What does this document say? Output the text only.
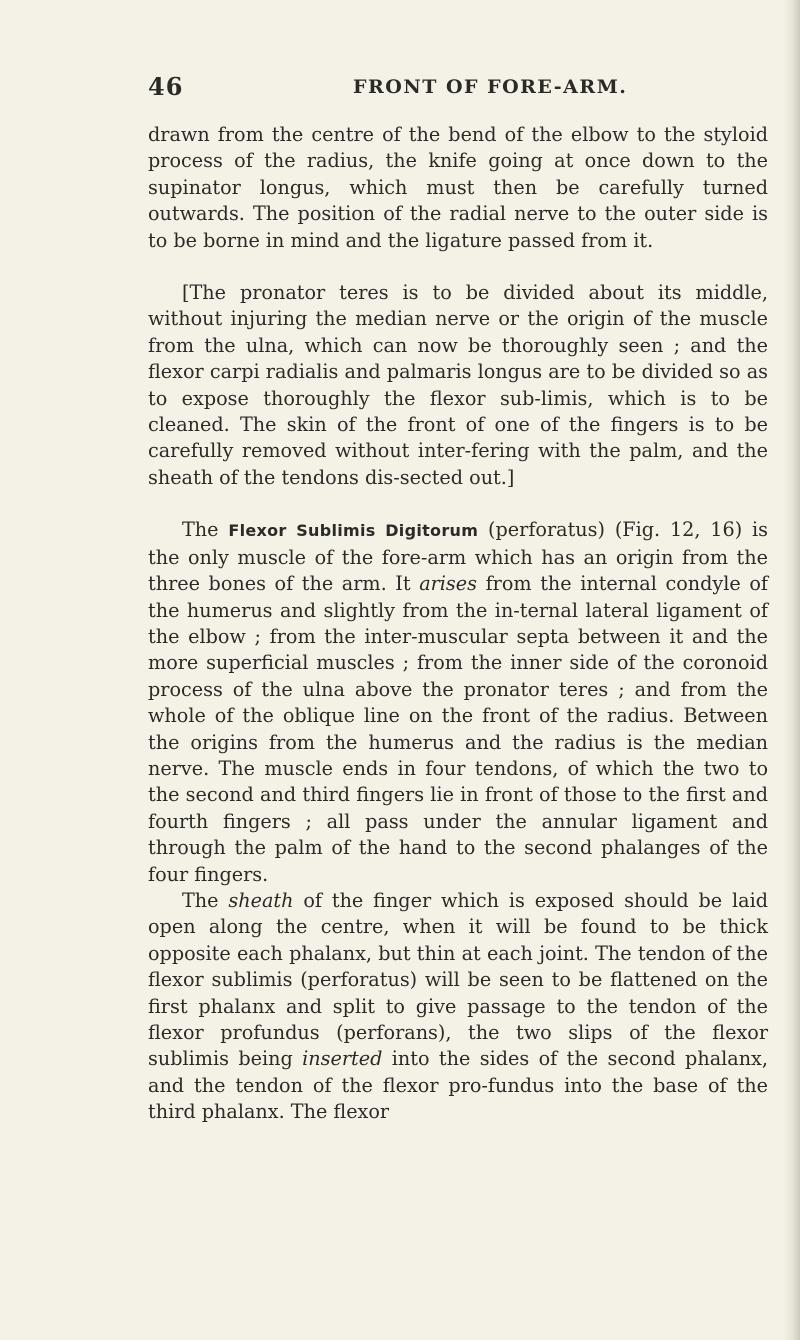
46	FRONT OF FORE-ARM.

drawn from the centre of the bend of the elbow to the styloid process of the radius, the knife going at once down to the supinator longus, which must then be carefully turned outwards. The position of the radial nerve to the outer side is to be borne in mind and the ligature passed from it.

[The pronator teres is to be divided about its middle, without injuring the median nerve or the origin of the muscle from the ulna, which can now be thoroughly seen ; and the flexor carpi radialis and palmaris longus are to be divided so as to expose thoroughly the flexor sub-limis, which is to be cleaned. The skin of the front of one of the fingers is to be carefully removed without inter-fering with the palm, and the sheath of the tendons dis-sected out.]

The Flexor Sublimis Digitorum (perforatus) (Fig. 12, 16) is the only muscle of the fore-arm which has an origin from the three bones of the arm. It arises from the internal condyle of the humerus and slightly from the in-ternal lateral ligament of the elbow ; from the inter-muscular septa between it and the more superficial muscles ; from the inner side of the coronoid process of the ulna above the pronator teres ; and from the whole of the oblique line on the front of the radius. Between the origins from the humerus and the radius is the median nerve. The muscle ends in four tendons, of which the two to the second and third fingers lie in front of those to the first and fourth fingers ; all pass under the annular ligament and through the palm of the hand to the second phalanges of the four fingers.

The sheath of the finger which is exposed should be laid open along the centre, when it will be found to be thick opposite each phalanx, but thin at each joint. The tendon of the flexor sublimis (perforatus) will be seen to be flattened on the first phalanx and split to give passage to the tendon of the flexor profundus (perforans), the two slips of the flexor sublimis being inserted into the sides of the second phalanx, and the tendon of the flexor pro-fundus into the base of the third phalanx. The flexor
